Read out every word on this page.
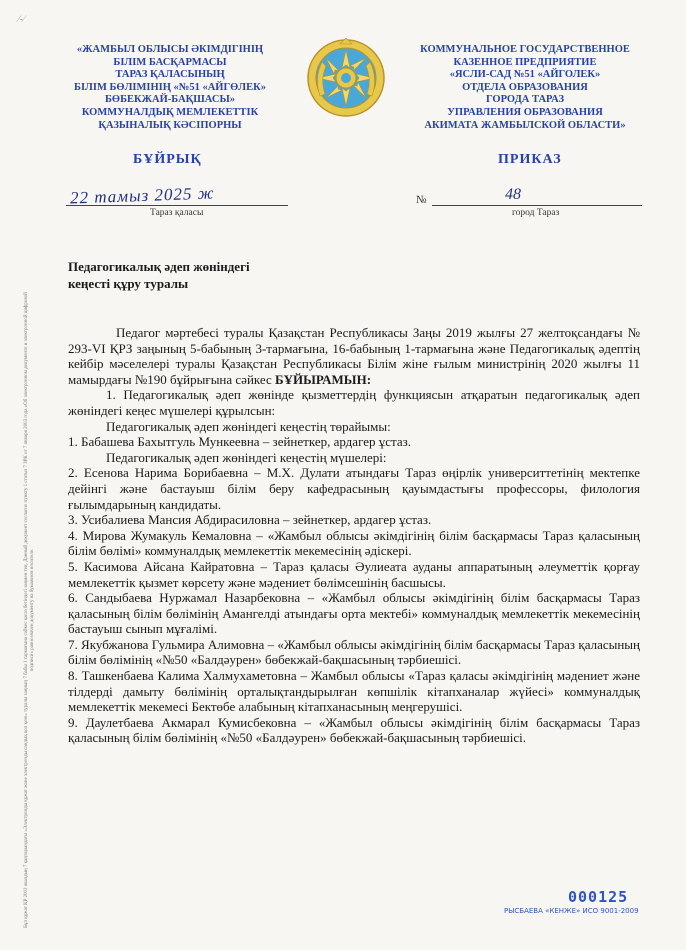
∕-∕
«ЖАМБЫЛ ОБЛЫСЫ ӘКІМДІГІНІҢ
БІЛІМ БАСҚАРМАСЫ
ТАРАЗ ҚАЛАСЫНЫҢ
БІЛІМ БӨЛІМІНІҢ «№51 «АЙГӨЛЕК»
БӨБЕКЖАЙ-БАҚШАСЫ»
КОММУНАЛДЫҚ МЕМЛЕКЕТТІК
ҚАЗЫНАЛЫҚ КӘСІПОРНЫ
КОММУНАЛЬНОЕ ГОСУДАРСТВЕННОЕ
КАЗЕННОЕ ПРЕДПРИЯТИЕ
«ЯСЛИ-САД №51 «АЙГОЛЕК»
ОТДЕЛА ОБРАЗОВАНИЯ
ГОРОДА ТАРАЗ
УПРАВЛЕНИЯ ОБРАЗОВАНИЯ
АКИМАТА ЖАМБЫЛСКОЙ ОБЛАСТИ»
БҰЙРЫҚ	ПРИКАЗ
22 тамыз 2025 ж
Тараз қаласы
№	48
город Тараз
Педагогикалық әдеп жөніндегі
кеңесті құру туралы

Педагог мәртебесі туралы Қазақстан Республикасы Заңы 2019 жылғы 27 желтоқсандағы № 293-VI ҚРЗ заңының 5-бабының 3-тармағына, 16-бабының 1-тармағына және Педагогикалық әдептің кейбір мәселелері туралы Қазақстан Республикасы Білім жіне ғылым министрінің 2020 жылғы 11 мамырдағы №190 бұйрығына сәйкес БҰЙЫРАМЫН:

1. Педагогикалық әдеп жөнінде қызметтердің функциясын атқаратын педагогикалық әдеп жөніндегі кеңес мүшелері құрылсын:

Педагогикалық әдеп жөніндегі кеңестің төрайымы:

1. Бабашева Бахытгуль Мункеевна – зейнеткер, ардагер ұстаз.

Педагогикалық әдеп жөніндегі кеңестің мүшелері:

2. Есенова Нарима Борибаевна – М.Х. Дулати атындағы Тараз өңірлік университтетінің мектепке дейінгі және бастауыш білім беру кафедрасының қауымдастығы профессоры, филология ғылымдарының кандидаты.

3. Усибалиева Мансия Абдирасиловна – зейнеткер, ардагер ұстаз.

4. Мирова Жумакуль Кемаловна – «Жамбыл облысы әкімдігінің білім басқармасы Тараз қаласының білім бөлімі» коммуналдық мемлекеттік мекемесінің әдіскері.

5. Касимова Айсана Кайратовна – Тараз қаласы Әулиеата ауданы аппаратының әлеуметтік қорғау мемлекеттік қызмет көрсету және мәдениет бөлімсешінің басшысы.

6. Сандыбаева Нуржамал Назарбековна – «Жамбыл облысы әкімдігінің білім басқармасы Тараз қаласының білім бөлімінің Амангелді атындағы орта мектебі» коммуналдық мемлекеттік мекемесінің бастауыш сынып мұғалімі.

7. Якубжанова Гульмира Алимовна – «Жамбыл облысы әкімдігінің білім басқармасы Тараз қаласының білім бөлімінің «№50 «Балдәурен» бөбекжай-бақшасының тәрбиешісі.

8. Ташкенбаева Калима Халмухаметовна – Жамбыл облысы «Тараз қаласы әкімдігінің мәдениет және тілдерді дамыту бөлімінің орталықтандырылған көпшілік кітапханалар жүйесі» коммуналдық мемлекеттік мекемесі Бектөбе алабының кітапханасының меңгерушісі.

9. Даулетбаева Акмарал Кумисбековна – «Жамбыл облысы әкімдігінің білім басқармасы Тараз қаласының білім бөлімінің «№50 «Балдәурен» бөбекжай-бақшасының тәрбиешісі.

Бұл құжат ҚР 2003 жылдың 7 қаңтарындағы «Электронды құжат және электронды сандық қол қою» туралы заңның 7 бабы 1 тармағына сәйкес қағаз бетіндегі заңмен тең. Данный документ согласно пункту 1 статьи 7 ЗРК от 7 января 2003 года «Об электронном документе и электронной цифровой подписи» равнозначен документу на бумажном носителе.
000125
РЫСБАЕВА «КЕНЖЕ» ИСО 9001-2009
